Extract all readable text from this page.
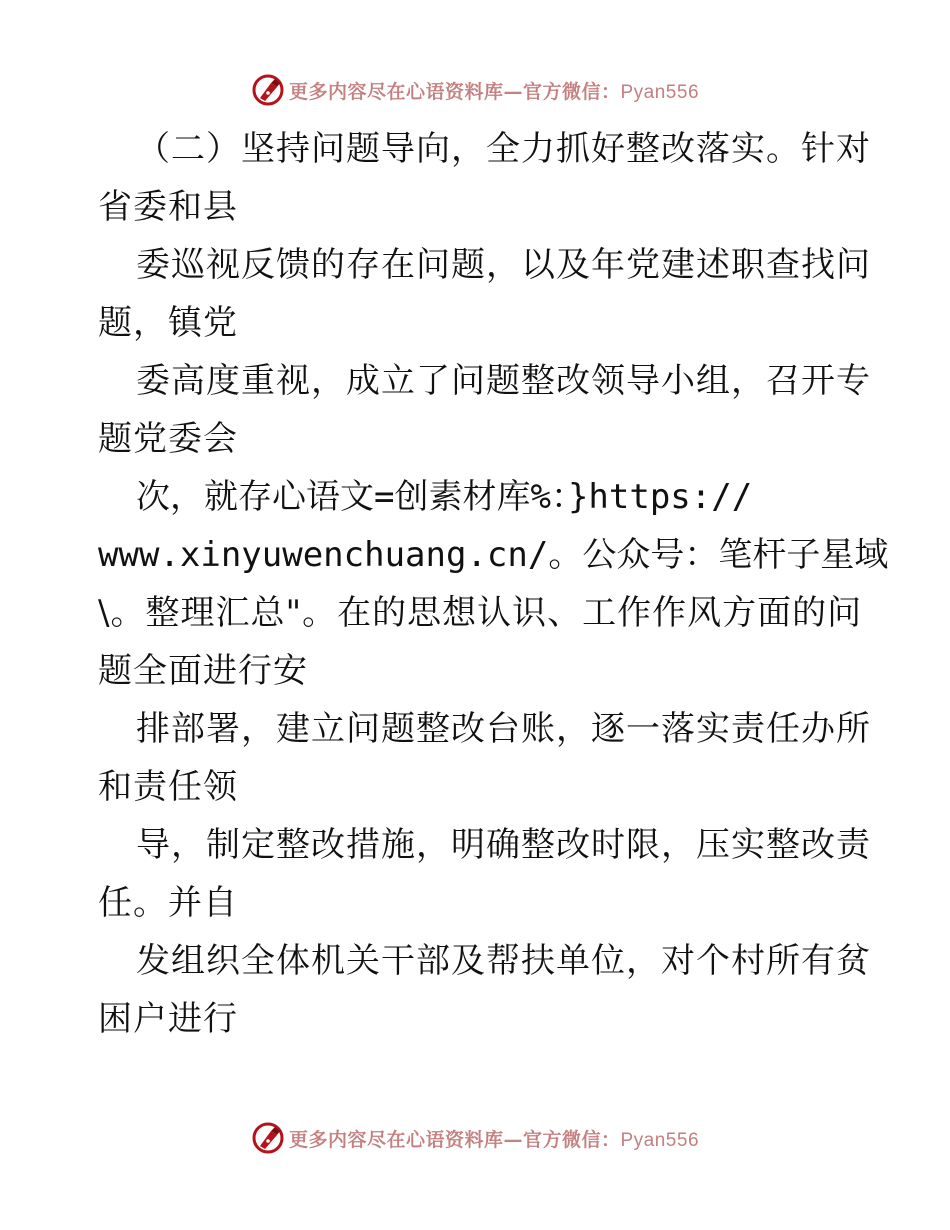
更多内容尽在心语资料库—官方微信：Pyan556
（二）坚持问题导向，全力抓好整改落实。针对
省委和县
委巡视反馈的存在问题，以及年党建述职查找问
题，镇党
委高度重视，成立了问题整改领导小组，召开专
题党委会
次，就存心语文=创素材库%：}https://
www.xinyuwenchuang.cn/。公众号：笔杆子星域
\。整理汇总"。在的思想认识、工作作风方面的问
题全面进行安
排部署，建立问题整改台账，逐一落实责任办所
和责任领
导，制定整改措施，明确整改时限，压实整改责
任。并自
发组织全体机关干部及帮扶单位，对个村所有贫
困户进行
更多内容尽在心语资料库—官方微信：Pyan556
